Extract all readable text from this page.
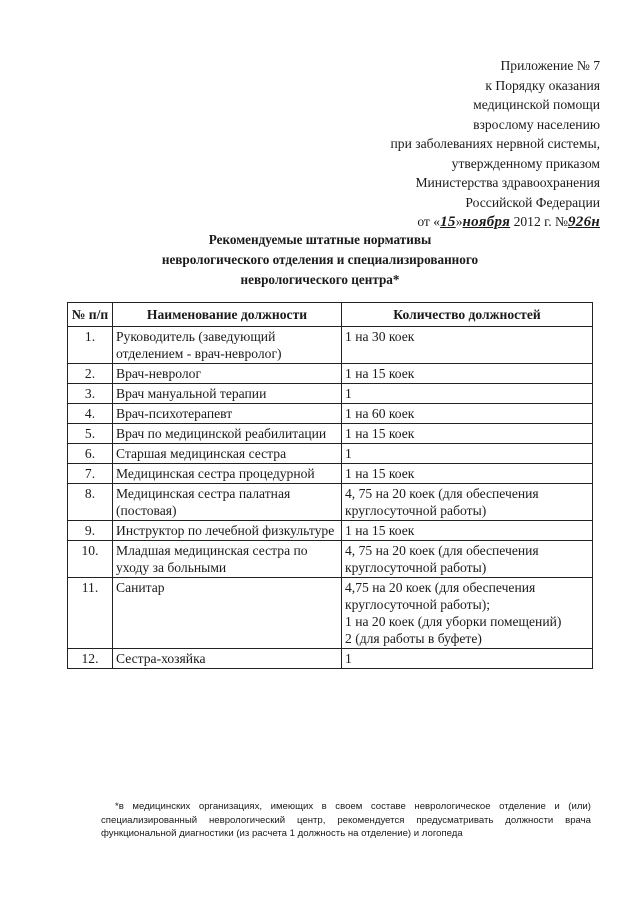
Приложение № 7
к Порядку оказания
медицинской помощи
взрослому населению
при заболеваниях нервной системы,
утвержденному приказом
Министерства здравоохранения
Российской Федерации
от «15»ноября 2012 г. №926н
Рекомендуемые штатные нормативы
неврологического отделения и специализированного
неврологического центра*
№ п/п	Наименование должности	Количество должностей
1.	Руководитель (заведующий отделением - врач-невролог)	1 на 30 коек

2.	Врач-невролог	1 на 15 коек

3.	Врач мануальной терапии	1

4.	Врач-психотерапевт	1 на 60 коек

5.	Врач по медицинской реабилитации	1 на 15 коек

6.	Старшая медицинская сестра	1

7.	Медицинская сестра процедурной	1 на 15 коек

8.	Медицинская сестра палатная (постовая)	4, 75 на 20 коек (для обеспечения круглосуточной работы)

9.	Инструктор по лечебной физкультуре	1 на 15 коек

10.	Младшая медицинская сестра по уходу за больными	4, 75 на 20 коек (для обеспечения круглосуточной работы)

11.	Санитар	4,75 на 20 коек (для обеспечения круглосуточной работы);
1 на 20 коек (для уборки помещений)
2 (для работы в буфете)

12.	Сестра-хозяйка	1
*в медицинских организациях, имеющих в своем составе неврологическое отделение и (или) специализированный неврологический центр, рекомендуется предусматривать должности врача функциональной диагностики (из расчета 1 должность на отделение) и логопеда
